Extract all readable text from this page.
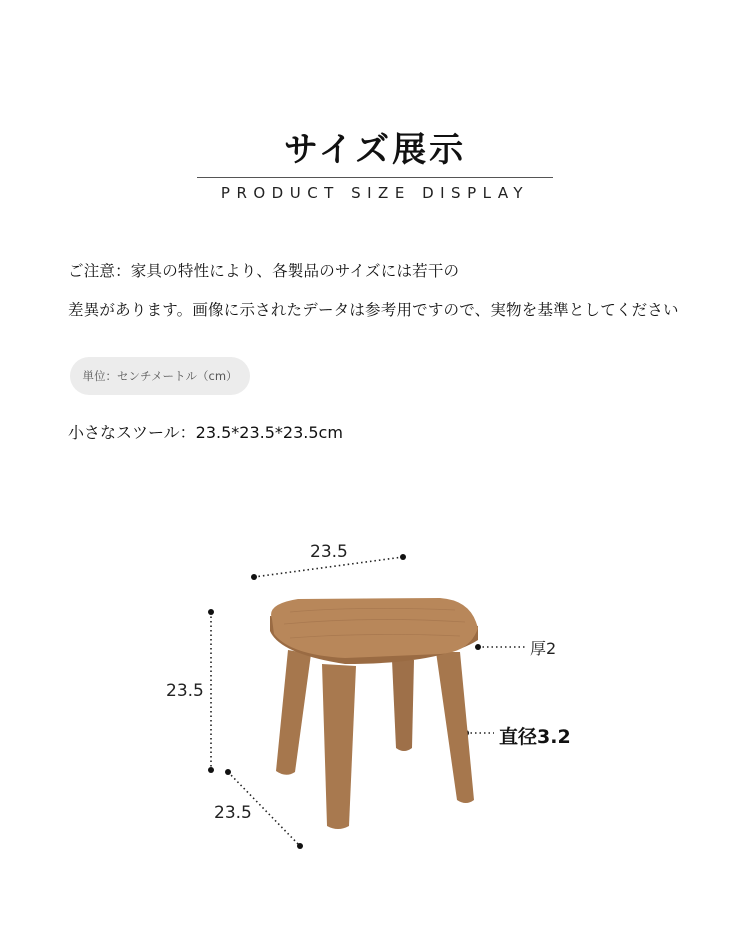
サイズ展示
PRODUCT SIZE DISPLAY
ご注意：家具の特性により、各製品のサイズには若干の
差異があります。画像に示されたデータは参考用ですので、実物を基準としてください
単位：センチメートル（cm）
小さなスツール：23.5*23.5*23.5cm
23.5
23.5
23.5
厚2
直径3.2
